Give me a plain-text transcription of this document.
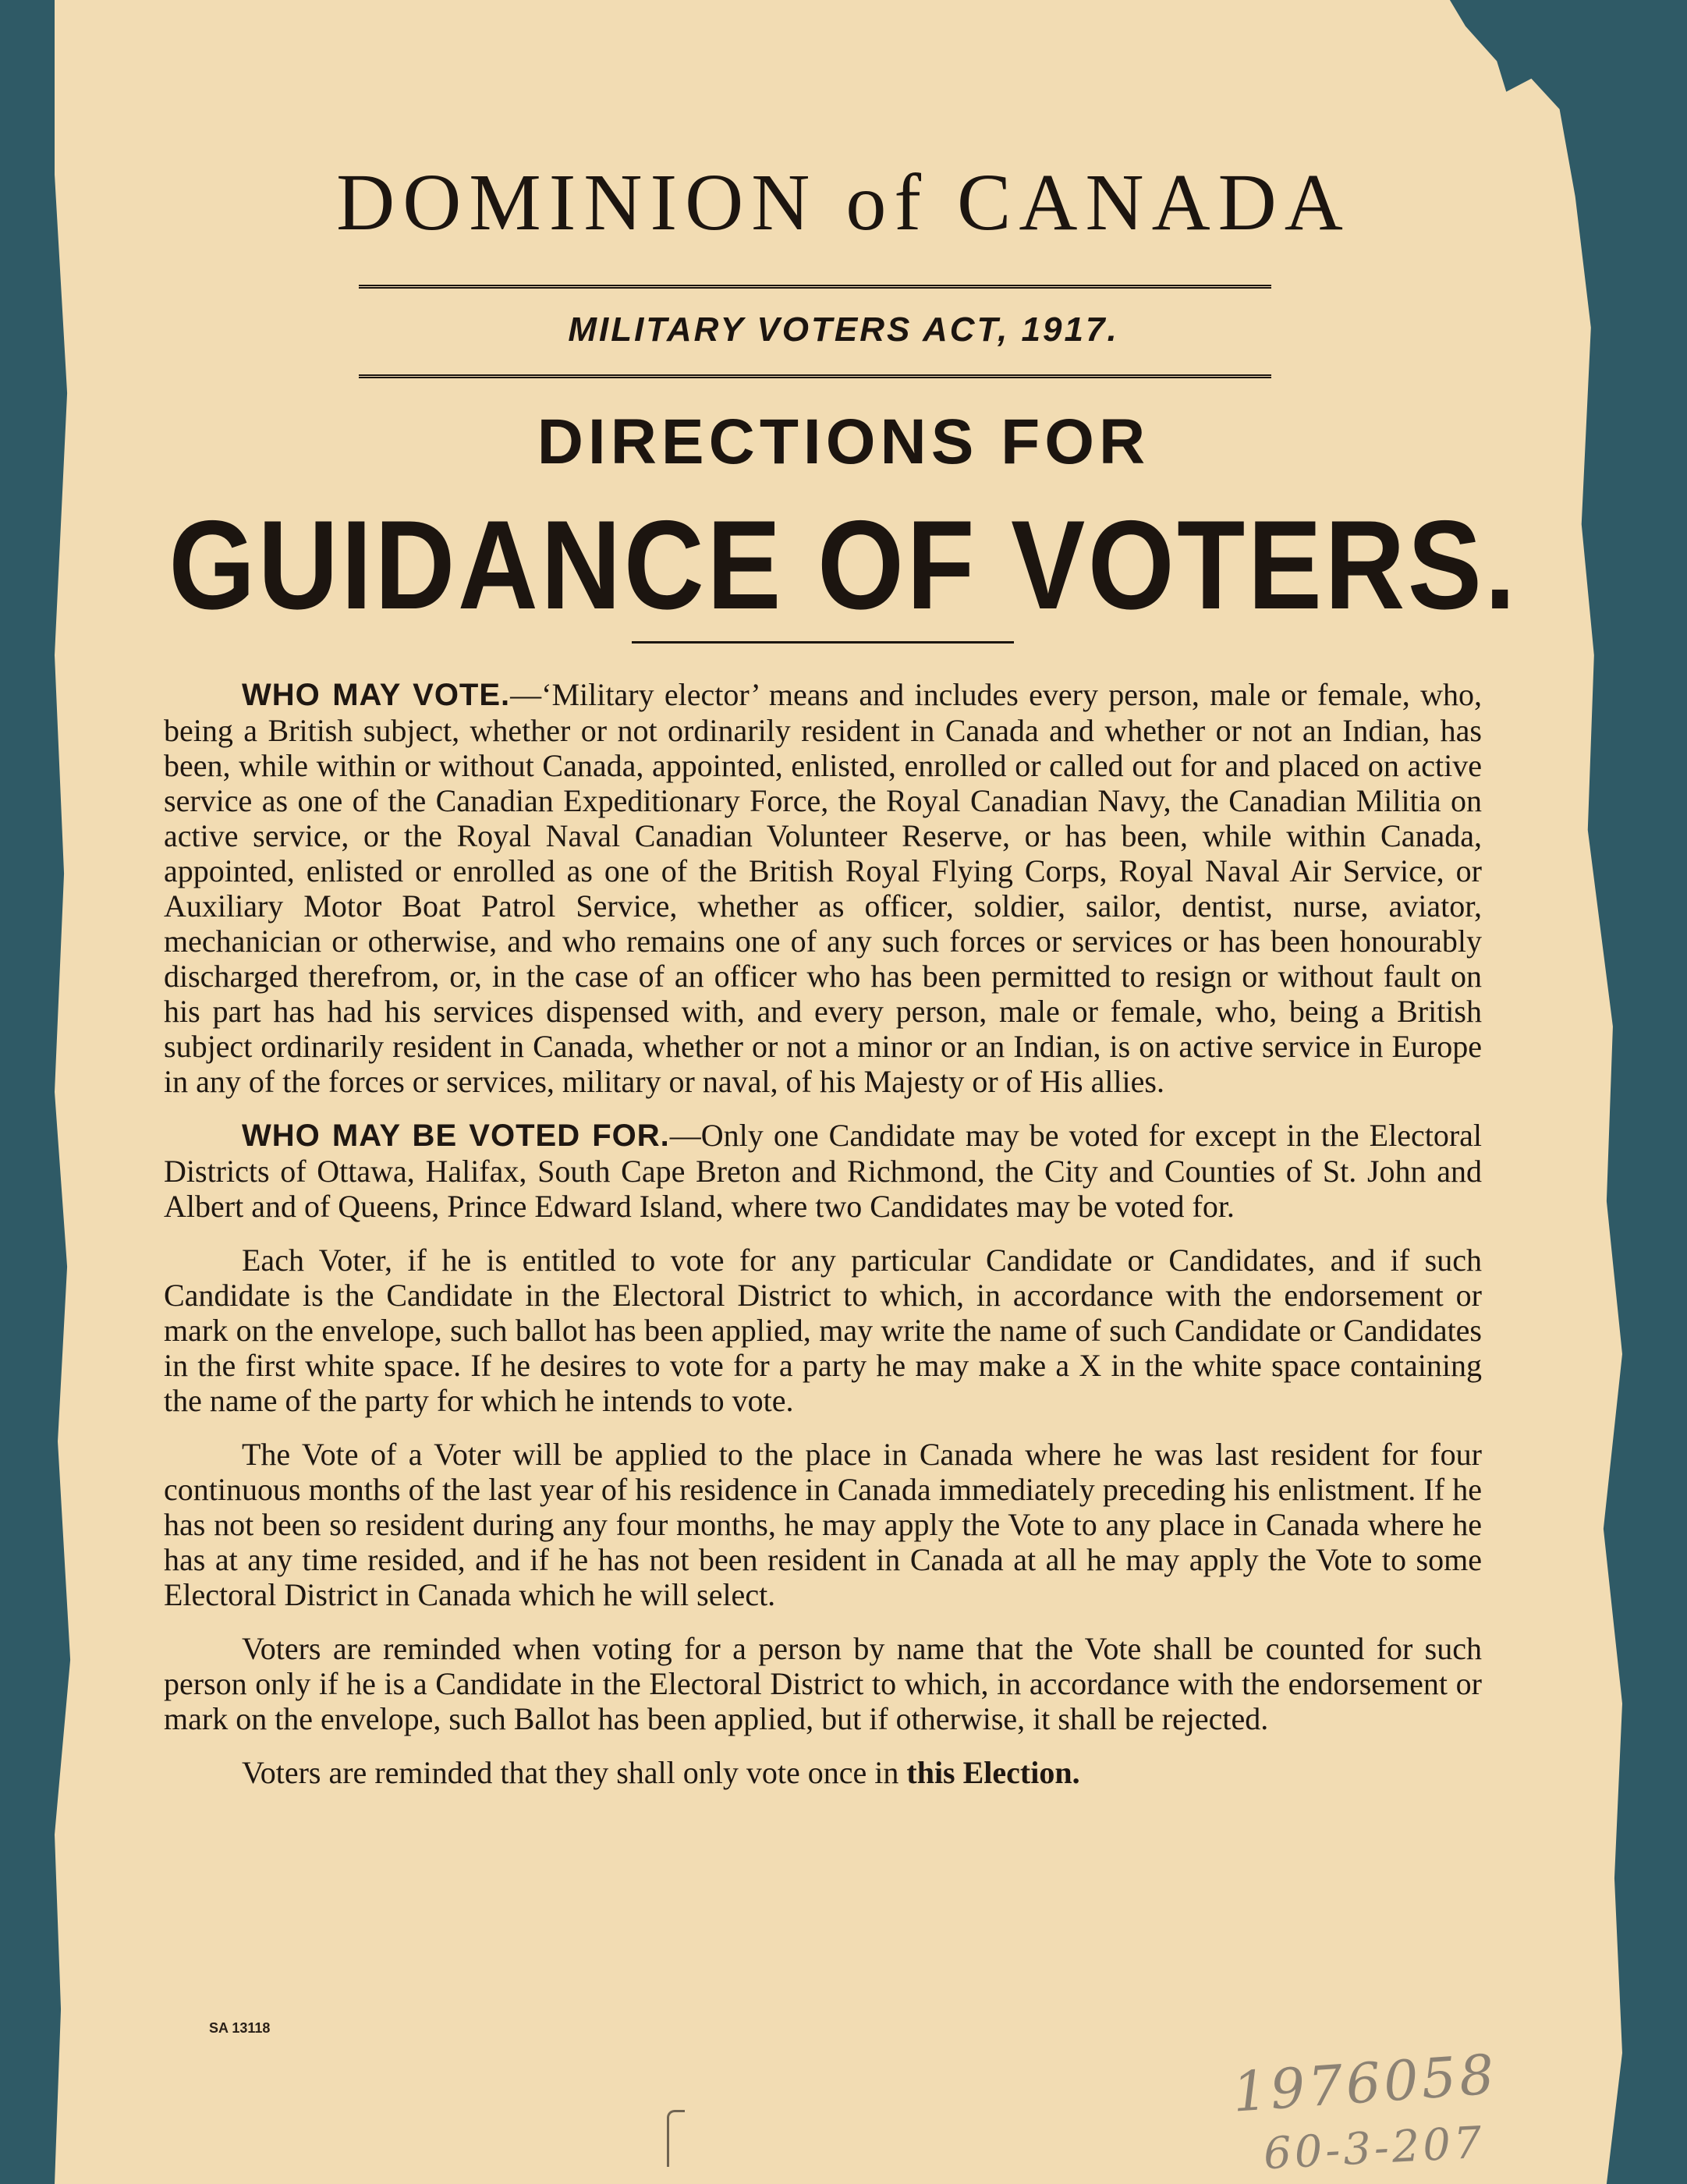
DOMINION of CANADA
MILITARY VOTERS ACT, 1917.
DIRECTIONS FOR
GUIDANCE OF VOTERS.

WHO MAY VOTE.—‘Military elector’ means and includes every person, male or female, who, being a British subject, whether or not ordinarily resident in Canada and whether or not an Indian, has been, while within or without Canada, appointed, enlisted, enrolled or called out for and placed on active service as one of the Canadian Expeditionary Force, the Royal Canadian Navy, the Canadian Militia on active service, or the Royal Naval Canadian Volunteer Reserve, or has been, while within Canada, appointed, enlisted or enrolled as one of the British Royal Flying Corps, Royal Naval Air Service, or Auxiliary Motor Boat Patrol Service, whether as officer, soldier, sailor, dentist, nurse, aviator, mechanician or otherwise, and who remains one of any such forces or services or has been honourably discharged therefrom, or, in the case of an officer who has been permitted to resign or without fault on his part has had his services dispensed with, and every person, male or female, who, being a British subject ordinarily resident in Canada, whether or not a minor or an Indian, is on active service in Europe in any of the forces or services, military or naval, of his Majesty or of His allies.

WHO MAY BE VOTED FOR.—Only one Candidate may be voted for except in the Electoral Districts of Ottawa, Halifax, South Cape Breton and Richmond, the City and Counties of St. John and Albert and of Queens, Prince Edward Island, where two Candidates may be voted for.

Each Voter, if he is entitled to vote for any particular Candidate or Candidates, and if such Candidate is the Candidate in the Electoral District to which, in accordance with the endorsement or mark on the envelope, such ballot has been applied, may write the name of such Candidate or Candidates in the first white space. If he desires to vote for a party he may make a X in the white space containing the name of the party for which he intends to vote.

The Vote of a Voter will be applied to the place in Canada where he was last resident for four continuous months of the last year of his residence in Canada immediately preceding his enlistment. If he has not been so resident during any four months, he may apply the Vote to any place in Canada where he has at any time resided, and if he has not been resident in Canada at all he may apply the Vote to some Electoral District in Canada which he will select.

Voters are reminded when voting for a person by name that the Vote shall be counted for such person only if he is a Candidate in the Electoral District to which, in accordance with the endorsement or mark on the envelope, such Ballot has been applied, but if otherwise, it shall be rejected.

Voters are reminded that they shall only vote once in this Election.

SA 13118
1976058
60-3-207
